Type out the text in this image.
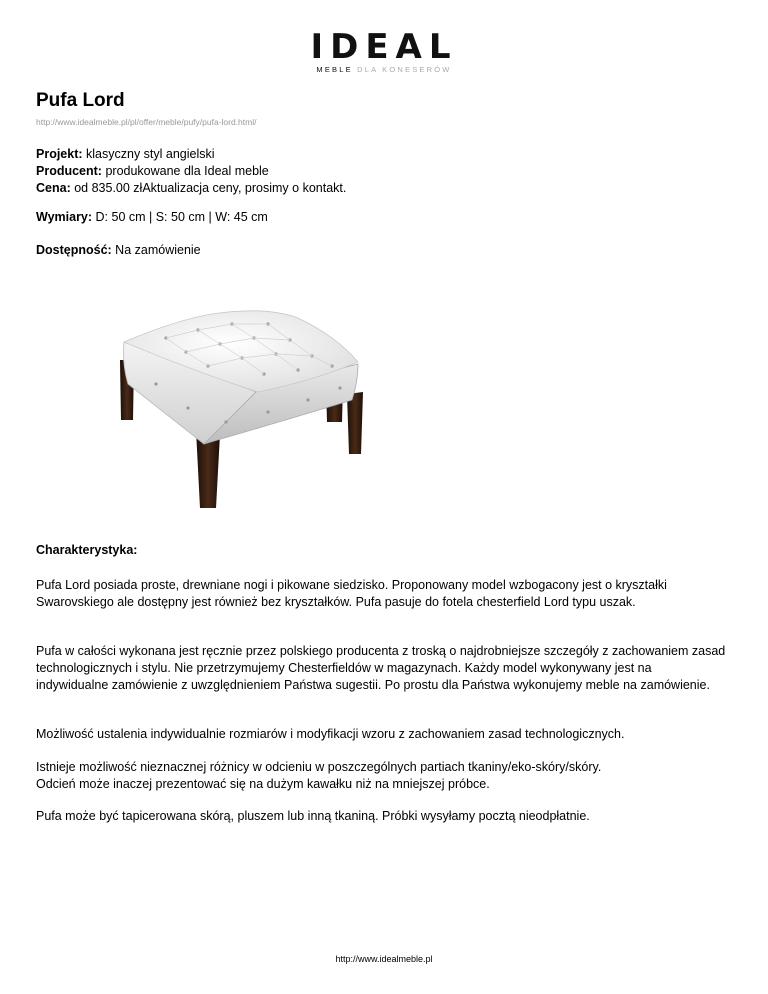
IDEAL
MEBLE DLA KONESERÓW
Pufa Lord
http://www.idealmeble.pl/pl/offer/meble/pufy/pufa-lord.html/
Projekt: klasyczny styl angielski
Producent: produkowane dla Ideal meble
Cena: od 835.00 złAktualizacja ceny, prosimy o kontakt.
Wymiary: D: 50 cm | S: 50 cm | W: 45 cm
Dostępność: Na zamówienie
Charakterystyka:

Pufa Lord posiada proste, drewniane nogi i pikowane siedzisko. Proponowany model wzbogacony jest o kryształki Swarovskiego ale dostępny jest również bez kryształków. Pufa pasuje do fotela chesterfield Lord typu uszak.

Pufa w całości wykonana jest ręcznie przez polskiego producenta z troską o najdrobniejsze szczegóły z zachowaniem zasad technologicznych i stylu. Nie przetrzymujemy Chesterfieldów w magazynach. Każdy model wykonywany jest na indywidualne zamówienie z uwzględnieniem Państwa sugestii. Po prostu dla Państwa wykonujemy meble na zamówienie.

Możliwość ustalenia indywidualnie rozmiarów i modyfikacji wzoru z zachowaniem zasad technologicznych.

Istnieje możliwość nieznacznej różnicy w odcieniu w poszczególnych partiach tkaniny/eko-skóry/skóry.
Odcień może inaczej prezentować się na dużym kawałku niż na mniejszej próbce.

Pufa może być tapicerowana skórą, pluszem lub inną tkaniną. Próbki wysyłamy pocztą nieodpłatnie.

http://www.idealmeble.pl
